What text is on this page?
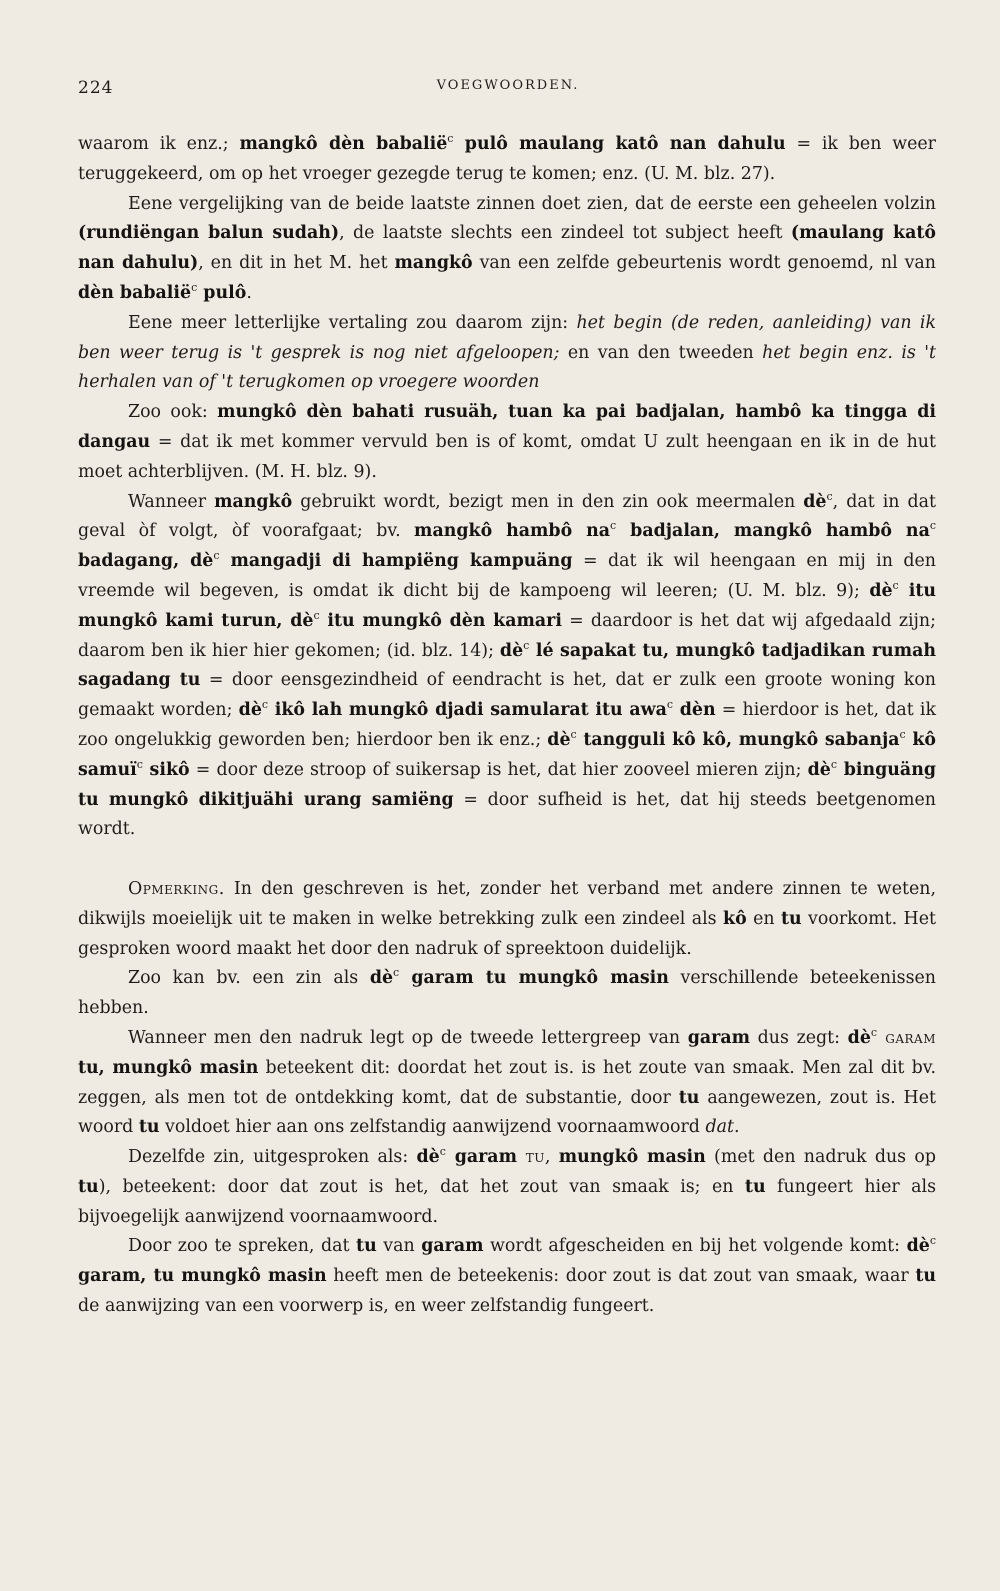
224	VOEGWOORDEN.

waarom ik enz.; mangkô dèn babalië$^c$ pulô maulang katô nan dahulu = ik ben weer teruggekeerd, om op het vroeger gezegde terug te komen; enz. (U. M. blz. 27).

Eene vergelijking van de beide laatste zinnen doet zien, dat de eerste een geheelen volzin (rundiëngan balun sudah), de laatste slechts een zindeel tot subject heeft (maulang katô nan dahulu), en dit in het M. het mangkô van een zelfde gebeurtenis wordt genoemd, nl van dèn babalië$^c$ pulô.

Eene meer letterlijke vertaling zou daarom zijn: het begin (de reden, aanleiding) van ik ben weer terug is 't gesprek is nog niet afgeloopen; en van den tweeden het begin enz. is 't herhalen van of 't terugkomen op vroegere woorden

Zoo ook: mungkô dèn bahati rusuäh, tuan ka pai badjalan, hambô ka tingga di dangau = dat ik met kommer vervuld ben is of komt, omdat U zult heengaan en ik in de hut moet achterblijven. (M. H. blz. 9).

Wanneer mangkô gebruikt wordt, bezigt men in den zin ook meermalen $dè^c$, dat in dat geval òf volgt, òf voorafgaat; bv. mangkô hambô $na^c$ badjalan, mangkô hambô $na^c$ badagang, $dè^c$ mangadji di hampiëng kampuäng = dat ik wil heengaan en mij in den vreemde wil begeven, is omdat ik dicht bij de kampoeng wil leeren; (U. M. blz. 9); $dè^c$ itu mungkô kami turun, $dè^c$ itu mungkô dèn kamari = daardoor is het dat wij afgedaald zijn; daarom ben ik hier hier gekomen; (id. blz. 14); $dè^c$ lé sapakat tu, mungkô tadjadikan rumah sagadang tu = door eensgezindheid of eendracht is het, dat er zulk een groote woning kon gemaakt worden; $dè^c$ ikô lah mungkô djadi samularat itu awa$^c$ dèn = hierdoor is het, dat ik zoo ongelukkig geworden ben; hierdoor ben ik enz.; $dè^c$ tangguli kô kô, mungkô sabanja$^c$ kô samuï$^c$ sikô = door deze stroop of suikersap is het, dat hier zooveel mieren zijn; $dè^c$ binguäng tu mungkô dikitjuähi urang samiëng = door sufheid is het, dat hij steeds beetgenomen wordt.

Opmerking. In den geschreven is het, zonder het verband met andere zinnen te weten, dikwijls moeielijk uit te maken in welke betrekking zulk een zindeel als kô en tu voorkomt. Het gesproken woord maakt het door den nadruk of spreektoon duidelijk.

Zoo kan bv. een zin als $dè^c$ garam tu mungkô masin verschillende beteekenissen hebben.

Wanneer men den nadruk legt op de tweede lettergreep van garam dus zegt: $dè^c$ garam tu, mungkô masin beteekent dit: doordat het zout is. is het zoute van smaak. Men zal dit bv. zeggen, als men tot de ontdekking komt, dat de substantie, door tu aangewezen, zout is. Het woord tu voldoet hier aan ons zelfstandig aanwijzend voornaamwoord dat.

Dezelfde zin, uitgesproken als: $dè^c$ garam tu, mungkô masin (met den nadruk dus op tu), beteekent: door dat zout is het, dat het zout van smaak is; en tu fungeert hier als bijvoegelijk aanwijzend voornaamwoord.

Door zoo te spreken, dat tu van garam wordt afgescheiden en bij het volgende komt: $dè^c$ garam, tu mungkô masin heeft men de beteekenis: door zout is dat zout van smaak, waar tu de aanwijzing van een voorwerp is, en weer zelfstandig fungeert.
